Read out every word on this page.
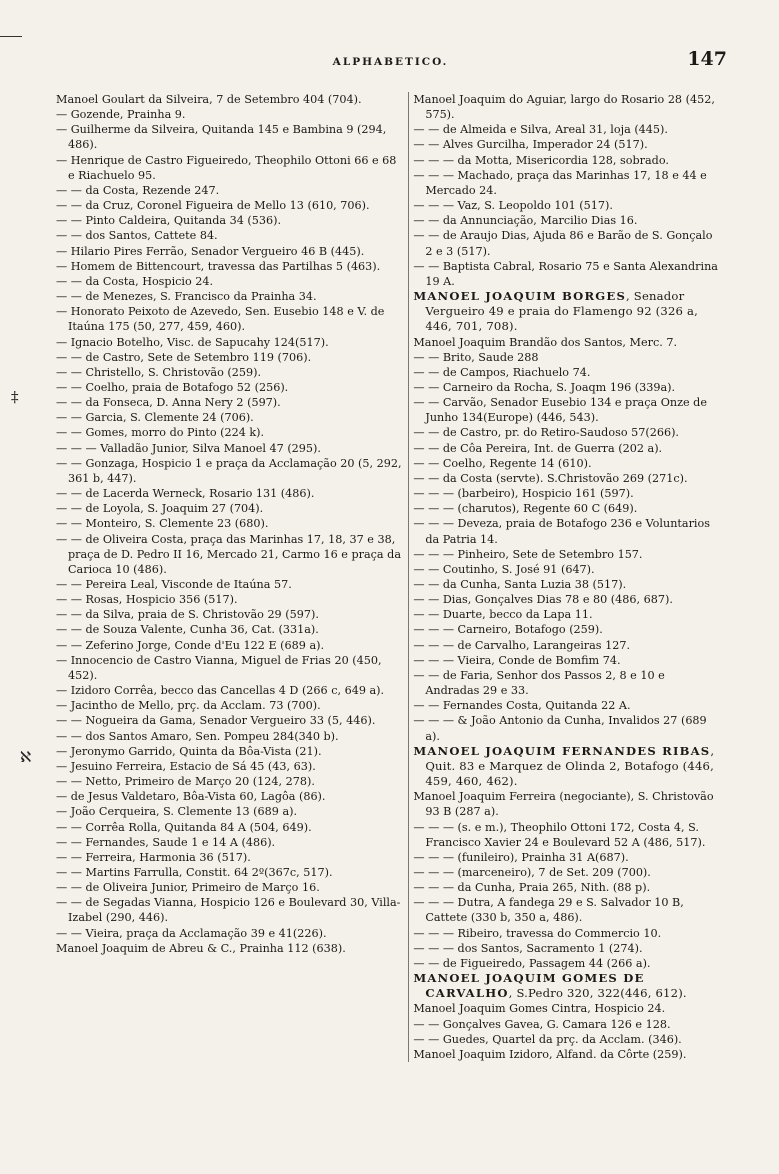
ALPHABETICO.	147
‡
ℵ
Manoel Goulart da Silveira, 7 de Setembro 404 (704).
— Gozende, Prainha 9.
— Guilherme da Silveira, Quitanda 145 e Bambina 9 (294, 486).
— Henrique de Castro Figueiredo, Theophilo Ottoni 66 e 68 e Riachuelo 95.
— — da Costa, Rezende 247.
— — da Cruz, Coronel Figueira de Mello 13 (610, 706).
— — Pinto Caldeira, Quitanda 34 (536).
— — dos Santos, Cattete 84.
— Hilario Pires Ferrão, Senador Vergueiro 46 B (445).
— Homem de Bittencourt, travessa das Partilhas 5 (463).
— — da Costa, Hospicio 24.
— — de Menezes, S. Francisco da Prainha 34.
— Honorato Peixoto de Azevedo, Sen. Eusebio 148 e V. de Itaúna 175 (50, 277, 459, 460).
— Ignacio Botelho, Visc. de Sapucahy 124(517).
— — de Castro, Sete de Setembro 119 (706).
— — Christello, S. Christovão (259).
— — Coelho, praia de Botafogo 52 (256).
— — da Fonseca, D. Anna Nery 2 (597).
— — Garcia, S. Clemente 24 (706).
— — Gomes, morro do Pinto (224 k).
— — — Valladão Junior, Silva Manoel 47 (295).
— — Gonzaga, Hospicio 1 e praça da Acclamação 20 (5, 292, 361 b, 447).
— — de Lacerda Werneck, Rosario 131 (486).
— — de Loyola, S. Joaquim 27 (704).
— — Monteiro, S. Clemente 23 (680).
— — de Oliveira Costa, praça das Marinhas 17, 18, 37 e 38, praça de D. Pedro II 16, Mercado 21, Carmo 16 e praça da Carioca 10 (486).
— — Pereira Leal, Visconde de Itaúna 57.
— — Rosas, Hospicio 356 (517).
— — da Silva, praia de S. Christovão 29 (597).
— — de Souza Valente, Cunha 36, Cat. (331a).
— — Zeferino Jorge, Conde d'Eu 122 E (689 a).
— Innocencio de Castro Vianna, Miguel de Frias 20 (450, 452).
— Izidoro Corrêa, becco das Cancellas 4 D (266 c, 649 a).
— Jacintho de Mello, prç. da Acclam. 73 (700).
— — Nogueira da Gama, Senador Vergueiro 33 (5, 446).
— — dos Santos Amaro, Sen. Pompeu 284(340 b).
— Jeronymo Garrido, Quinta da Bôa-Vista (21).
— Jesuino Ferreira, Estacio de Sá 45 (43, 63).
— — Netto, Primeiro de Março 20 (124, 278).
— de Jesus Valdetaro, Bôa-Vista 60, Lagôa (86).
— João Cerqueira, S. Clemente 13 (689 a).
— — Corrêa Rolla, Quitanda 84 A (504, 649).
— — Fernandes, Saude 1 e 14 A (486).
— — Ferreira, Harmonia 36 (517).
— — Martins Farrulla, Constit. 64 2º(367c, 517).
— — de Oliveira Junior, Primeiro de Março 16.
— — de Segadas Vianna, Hospicio 126 e Boulevard 30, Villa-Izabel (290, 446).
— — Vieira, praça da Acclamação 39 e 41(226).
Manoel Joaquim de Abreu & C., Prainha 112 (638).
Manoel Joaquim do Aguiar, largo do Rosario 28 (452, 575).
— — de Almeida e Silva, Areal 31, loja (445).
— — Alves Gurcilha, Imperador 24 (517).
— — — da Motta, Misericordia 128, sobrado.
— — — Machado, praça das Marinhas 17, 18 e 44 e Mercado 24.
— — — Vaz, S. Leopoldo 101 (517).
— — da Annunciação, Marcilio Dias 16.
— — de Araujo Dias, Ajuda 86 e Barão de S. Gonçalo 2 e 3 (517).
— — Baptista Cabral, Rosario 75 e Santa Alexandrina 19 A.
MANOEL JOAQUIM BORGES, Senador Vergueiro 49 e praia do Flamengo 92 (326 a, 446, 701, 708).
Manoel Joaquim Brandão dos Santos, Merc. 7.
— — Brito, Saude 288
— — de Campos, Riachuelo 74.
— — Carneiro da Rocha, S. Joaqm 196 (339a).
— — Carvão, Senador Eusebio 134 e praça Onze de Junho 134(Europe) (446, 543).
— — de Castro, pr. do Retiro-Saudoso 57(266).
— — de Côa Pereira, Int. de Guerra (202 a).
— — Coelho, Regente 14 (610).
— — da Costa (servte). S.Christovão 269 (271c).
— — — (barbeiro), Hospicio 161 (597).
— — — (charutos), Regente 60 C (649).
— — — Deveza, praia de Botafogo 236 e Voluntarios da Patria 14.
— — — Pinheiro, Sete de Setembro 157.
— — Coutinho, S. José 91 (647).
— — da Cunha, Santa Luzia 38 (517).
— — Dias, Gonçalves Dias 78 e 80 (486, 687).
— — Duarte, becco da Lapa 11.
— — — Carneiro, Botafogo (259).
— — — de Carvalho, Larangeiras 127.
— — — Vieira, Conde de Bomfim 74.
— — de Faria, Senhor dos Passos 2, 8 e 10 e Andradas 29 e 33.
— — Fernandes Costa, Quitanda 22 A.
— — — & João Antonio da Cunha, Invalidos 27 (689 a).
MANOEL JOAQUIM FERNANDES RIBAS, Quit. 83 e Marquez de Olinda 2, Botafogo (446, 459, 460, 462).
Manoel Joaquim Ferreira (negociante), S. Christovão 93 B (287 a).
— — — (s. e m.), Theophilo Ottoni 172, Costa 4, S. Francisco Xavier 24 e Boulevard 52 A (486, 517).
— — — (funileiro), Prainha 31 A(687).
— — — (marceneiro), 7 de Set. 209 (700).
— — — da Cunha, Praia 265, Nith. (88 p).
— — — Dutra, A fandega 29 e S. Salvador 10 B, Cattete (330 b, 350 a, 486).
— — — Ribeiro, travessa do Commercio 10.
— — — dos Santos, Sacramento 1 (274).
— — de Figueiredo, Passagem 44 (266 a).
MANOEL JOAQUIM GOMES DE CARVALHO, S.Pedro 320, 322(446, 612).
Manoel Joaquim Gomes Cintra, Hospicio 24.
— — Gonçalves Gavea, G. Camara 126 e 128.
— — Guedes, Quartel da prç. da Acclam. (346).
Manoel Joaquim Izidoro, Alfand. da Côrte (259).
